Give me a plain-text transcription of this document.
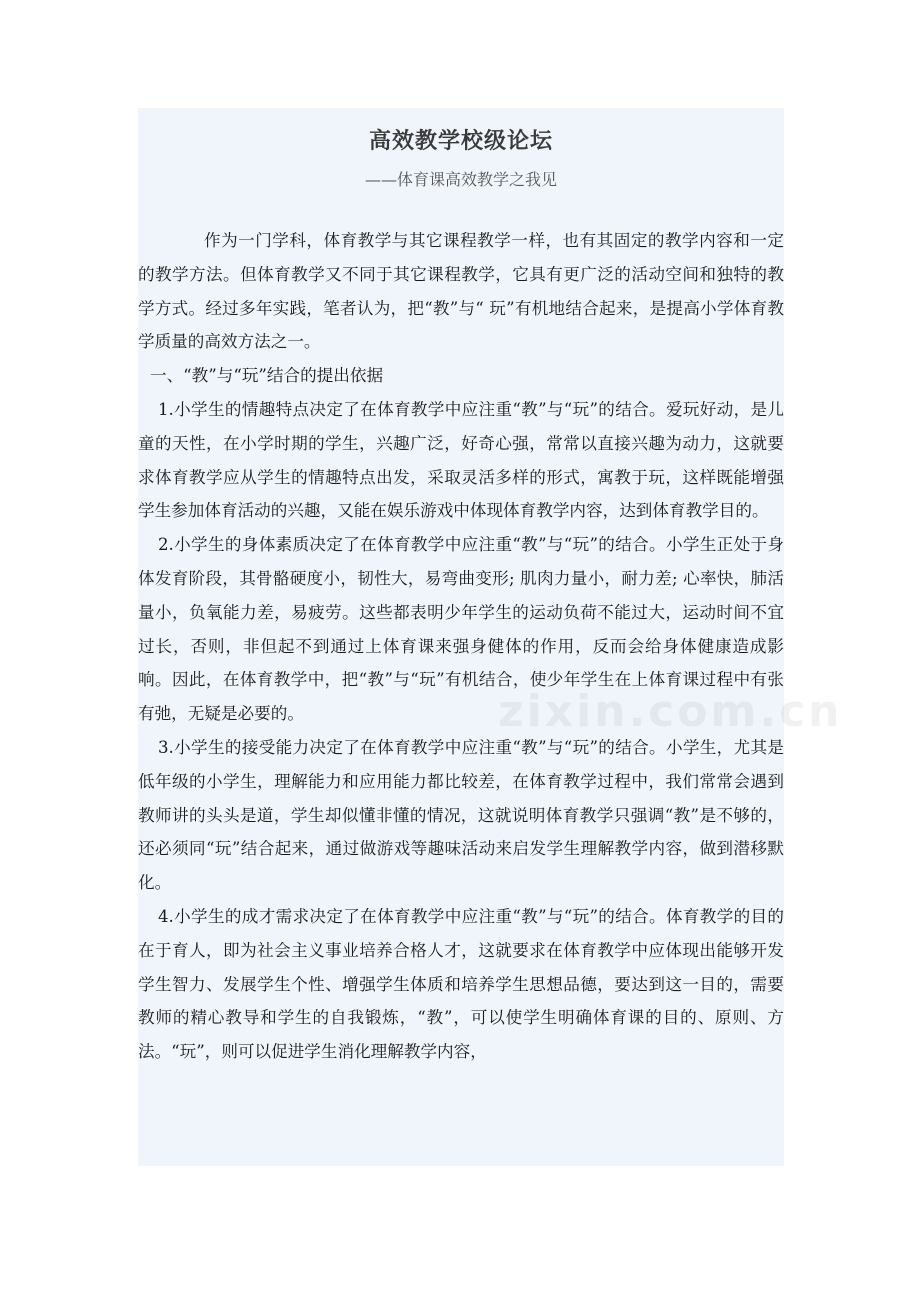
高效教学校级论坛
——体育课高效教学之我见

作为一门学科，体育教学与其它课程教学一样，也有其固定的教学内容和一定的教学方法。但体育教学又不同于其它课程教学，它具有更广泛的活动空间和独特的教学方式。经过多年实践，笔者认为，把“教”与“ 玩”有机地结合起来，是提高小学体育教学质量的高效方法之一。

一、“教”与“玩”结合的提出依据

1.小学生的情趣特点决定了在体育教学中应注重“教”与“玩”的结合。爱玩好动，是儿童的天性，在小学时期的学生，兴趣广泛，好奇心强，常常以直接兴趣为动力，这就要求体育教学应从学生的情趣特点出发，采取灵活多样的形式，寓教于玩，这样既能增强学生参加体育活动的兴趣，又能在娱乐游戏中体现体育教学内容，达到体育教学目的。

2.小学生的身体素质决定了在体育教学中应注重“教”与“玩”的结合。小学生正处于身体发育阶段，其骨骼硬度小，韧性大，易弯曲变形; 肌肉力量小，耐力差; 心率快，肺活量小，负氧能力差，易疲劳。这些都表明少年学生的运动负荷不能过大，运动时间不宜过长，否则，非但起不到通过上体育课来强身健体的作用，反而会给身体健康造成影响。因此，在体育教学中，把“教”与“玩”有机结合，使少年学生在上体育课过程中有张有弛，无疑是必要的。

3.小学生的接受能力决定了在体育教学中应注重“教”与“玩”的结合。小学生，尤其是低年级的小学生，理解能力和应用能力都比较差，在体育教学过程中，我们常常会遇到教师讲的头头是道，学生却似懂非懂的情况，这就说明体育教学只强调“教”是不够的，还必须同“玩”结合起来，通过做游戏等趣味活动来启发学生理解教学内容，做到潜移默化。

4.小学生的成才需求决定了在体育教学中应注重“教”与“玩”的结合。体育教学的目的在于育人，即为社会主义事业培养合格人才，这就要求在体育教学中应体现出能够开发学生智力、发展学生个性、增强学生体质和培养学生思想品德，要达到这一目的，需要教师的精心教导和学生的自我锻炼，“教”，可以使学生明确体育课的目的、原则、方法。“玩”，则可以促进学生消化理解教学内容，

zixin.com.cn
